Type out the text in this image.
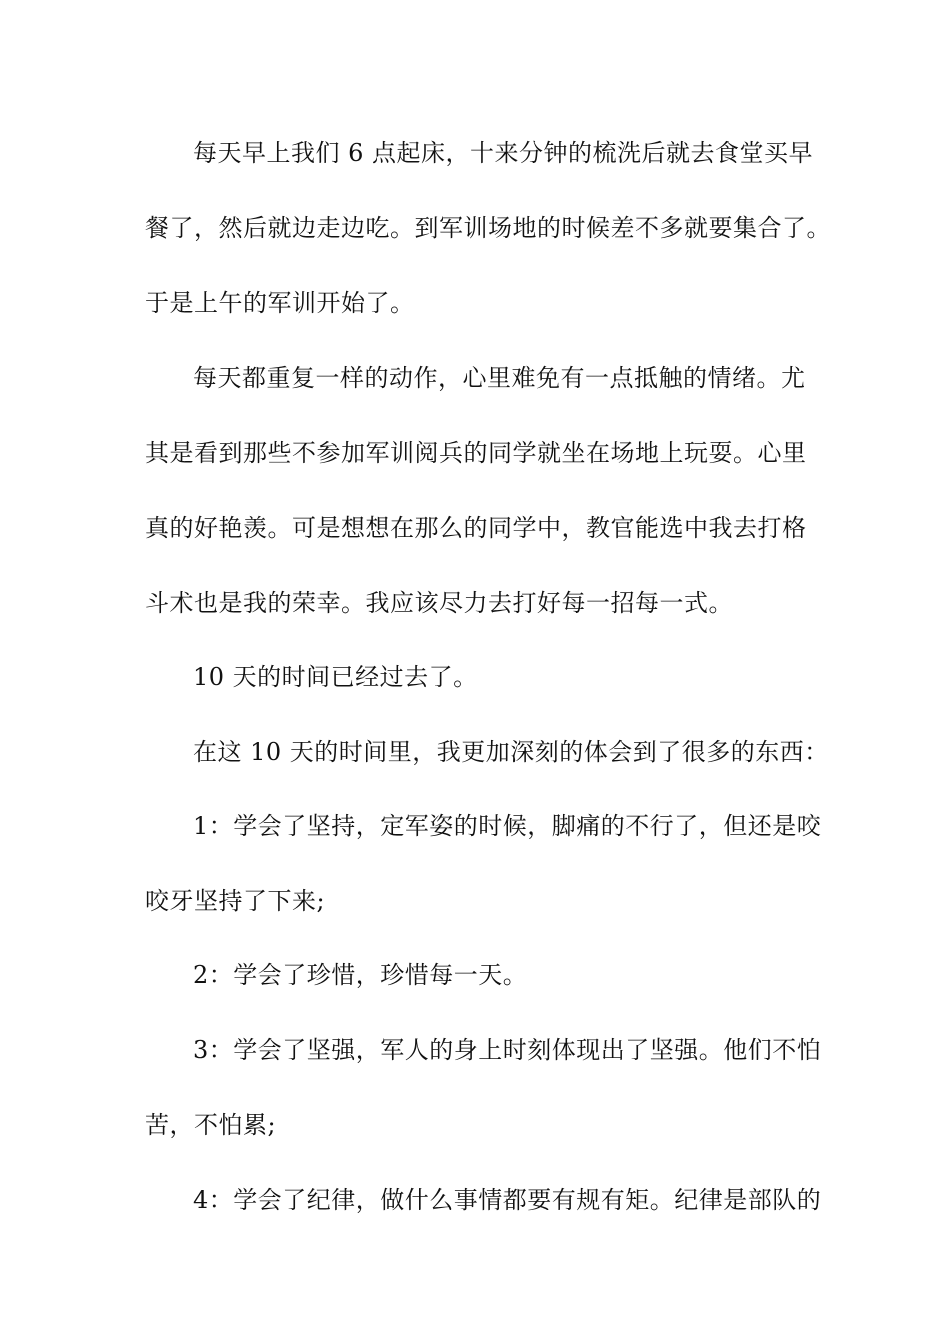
每天早上我们 6 点起床，十来分钟的梳洗后就去食堂买早
餐了，然后就边走边吃。到军训场地的时候差不多就要集合了。
于是上午的军训开始了。
每天都重复一样的动作，心里难免有一点抵触的情绪。尤
其是看到那些不参加军训阅兵的同学就坐在场地上玩耍。心里
真的好艳羡。可是想想在那么的同学中，教官能选中我去打格
斗术也是我的荣幸。我应该尽力去打好每一招每一式。
10 天的时间已经过去了。
在这 10 天的时间里，我更加深刻的体会到了很多的东西：
1：学会了坚持，定军姿的时候，脚痛的不行了，但还是咬
咬牙坚持了下来;
2：学会了珍惜，珍惜每一天。
3：学会了坚强，军人的身上时刻体现出了坚强。他们不怕
苦，不怕累;
4：学会了纪律，做什么事情都要有规有矩。纪律是部队的
